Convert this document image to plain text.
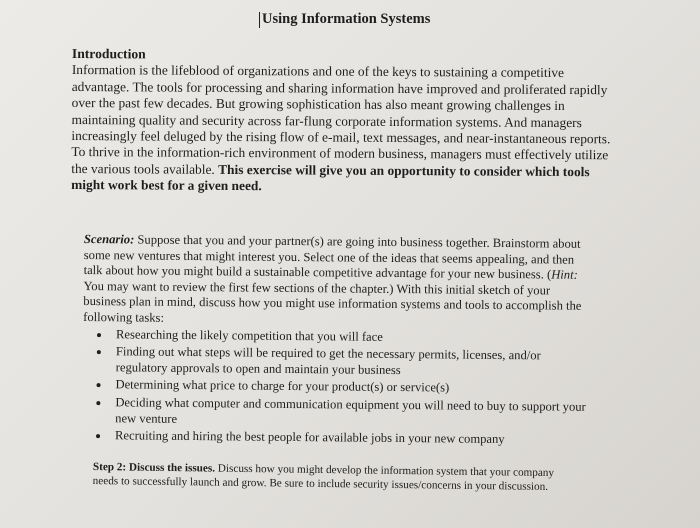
Using Information Systems
Introduction
Information is the lifeblood of organizations and one of the keys to sustaining a competitive advantage. The tools for processing and sharing information have improved and proliferated rapidly over the past few decades. But growing sophistication has also meant growing challenges in maintaining quality and security across far-flung corporate information systems. And managers increasingly feel deluged by the rising flow of e-mail, text messages, and near-instantaneous reports. To thrive in the information-rich environment of modern business, managers must effectively utilize the various tools available. This exercise will give you an opportunity to consider which tools might work best for a given need.
Scenario: Suppose that you and your partner(s) are going into business together. Brainstorm about some new ventures that might interest you. Select one of the ideas that seems appealing, and then talk about how you might build a sustainable competitive advantage for your new business. (Hint: You may want to review the first few sections of the chapter.) With this initial sketch of your business plan in mind, discuss how you might use information systems and tools to accomplish the following tasks:
Researching the likely competition that you will face
Finding out what steps will be required to get the necessary permits, licenses, and/or regulatory approvals to open and maintain your business
Determining what price to charge for your product(s) or service(s)
Deciding what computer and communication equipment you will need to buy to support your new venture
Recruiting and hiring the best people for available jobs in your new company
Step 2: Discuss the issues. Discuss how you might develop the information system that your company needs to successfully launch and grow. Be sure to include security issues/concerns in your discussion.
